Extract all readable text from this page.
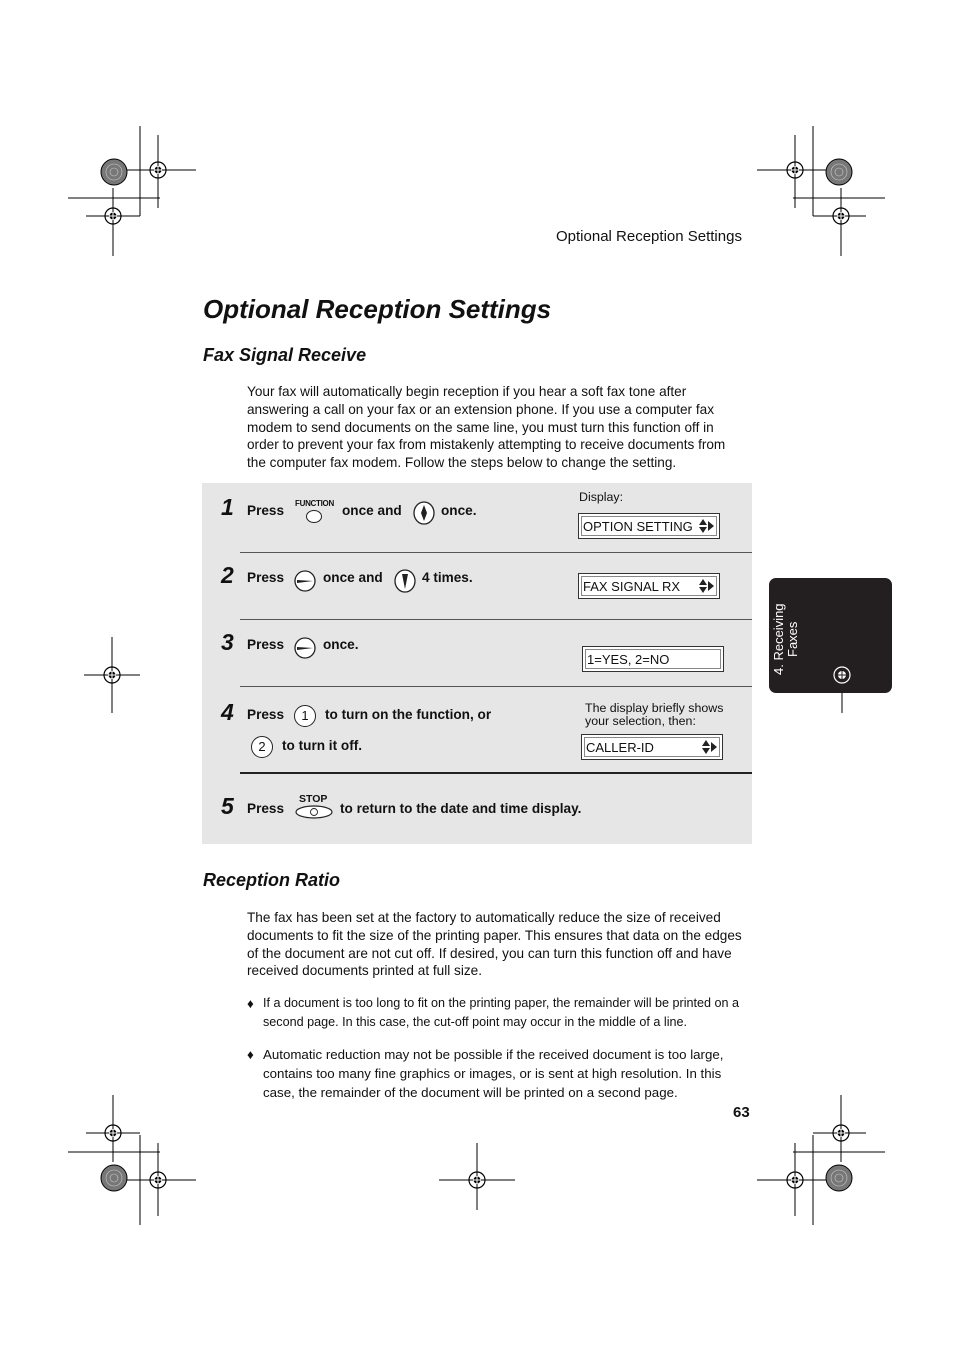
Optional Reception Settings
Optional Reception Settings
Fax Signal Receive
Your fax will automatically begin reception if you hear a soft fax tone after answering a call on your fax or an extension phone. If you use a computer fax modem to send documents on the same line, you must turn this function off in order to prevent your fax from mistakenly attempting to receive documents from the computer fax modem. Follow the steps below to change the setting.
1 Press FUNCTION once and	once.
Display:
OPTION SETTING
2 Press	once and	4 times.
FAX SIGNAL RX
3 Press	once.
1=YES, 2=NO
4 Press	1	to turn on the function, or
2	to turn it off.
The display briefly shows your selection, then:
CALLER-ID
5 Press
STOP
to return to the date and time display.
Reception Ratio
The fax has been set at the factory to automatically reduce the size of received documents to fit the size of the printing paper. This ensures that data on the edges of the document are not cut off. If desired, you can turn this function off and have received documents printed at full size.
♦ If a document is too long to fit on the printing paper, the remainder will be printed on a second page. In this case, the cut-off point may occur in the middle of a line.
♦ Automatic reduction may not be possible if the received document is too large, contains too many fine graphics or images, or is sent at high resolution. In this case, the remainder of the document will be printed on a second page.
4. Receiving Faxes
63
